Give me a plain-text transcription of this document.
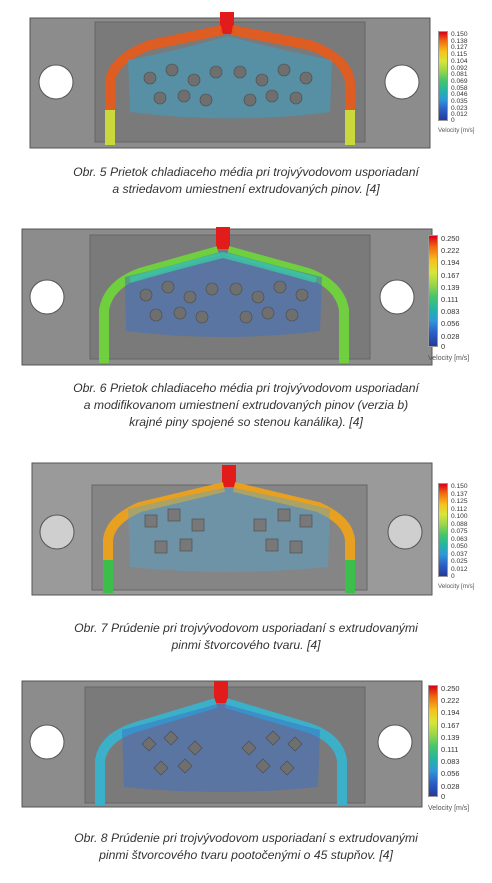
0.150
0.138
0.127
0.115
0.104
0.092
0.081
0.069
0.058
0.046
0.035
0.023
0.012
0
Velocity [m/s]
Obr. 5 Prietok chladiaceho média pri trojvývodovom usporiadaní
a striedavom umiestnení extrudovaných pinov. [4]
0.250
0.222
0.194
0.167
0.139
0.111
0.083
0.056
0.028
0
Velocity [m/s]
Obr. 6 Prietok chladiaceho média pri trojvývodovom usporiadaní
a modifikovanom umiestnení extrudovaných pinov (verzia b)
krajné piny spojené so stenou kanálika). [4]
0.150
0.137
0.125
0.112
0.100
0.088
0.075
0.063
0.050
0.037
0.025
0.012
0
Velocity [m/s]
Obr. 7 Prúdenie pri trojvývodovom usporiadaní s extrudovanými
pinmi štvorcového tvaru. [4]
0.250
0.222
0.194
0.167
0.139
0.111
0.083
0.056
0.028
0
Velocity [m/s]
Obr. 8 Prúdenie pri trojvývodovom usporiadaní s extrudovanými
pinmi štvorcového tvaru pootočenými o 45 stupňov. [4]
